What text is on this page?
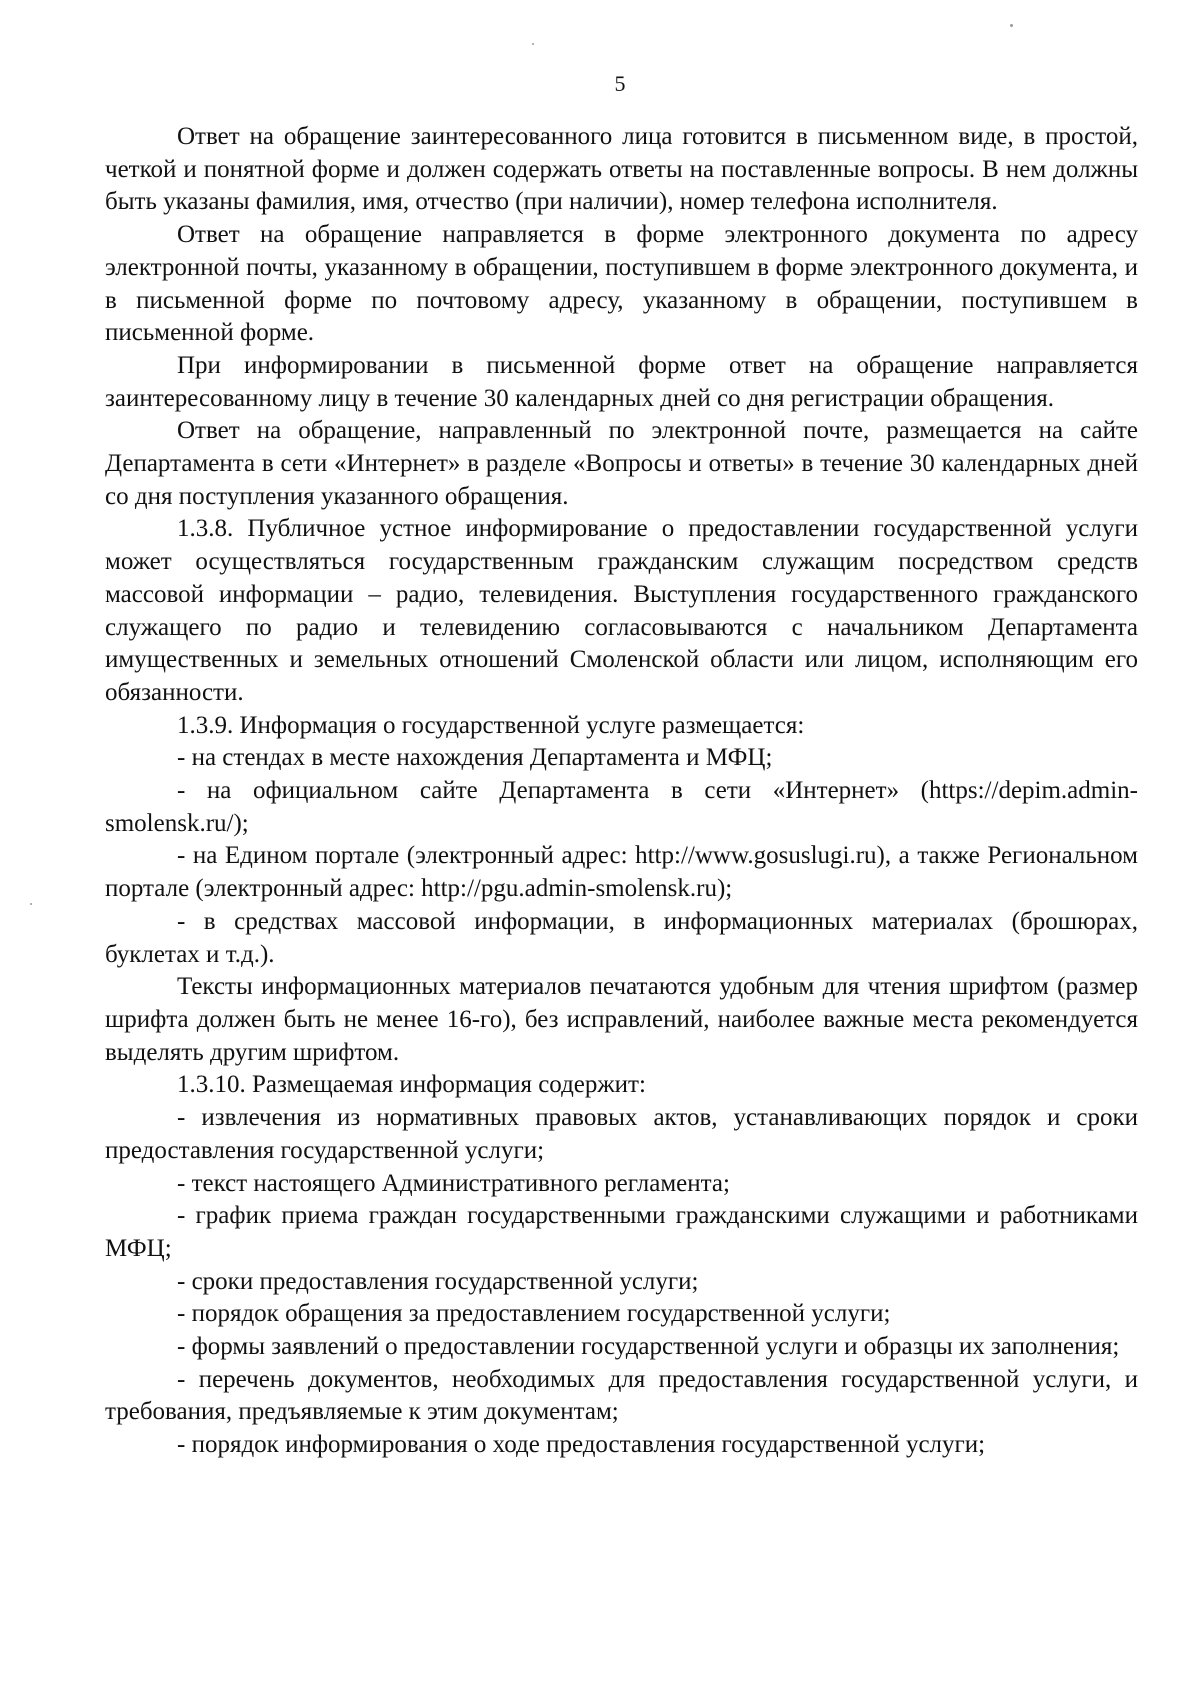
5

Ответ на обращение заинтересованного лица готовится в письменном виде, в простой, четкой и понятной форме и должен содержать ответы на поставленные вопросы. В нем должны быть указаны фамилия, имя, отчество (при наличии), номер телефона исполнителя.

Ответ на обращение направляется в форме электронного документа по адресу электронной почты, указанному в обращении, поступившем в форме электронного документа, и в письменной форме по почтовому адресу, указанному в обращении, поступившем в письменной форме.

При информировании в письменной форме ответ на обращение направляется заинтересованному лицу в течение 30 календарных дней со дня регистрации обращения.

Ответ на обращение, направленный по электронной почте, размещается на сайте Департамента в сети «Интернет» в разделе «Вопросы и ответы» в течение 30 календарных дней со дня поступления указанного обращения.

1.3.8. Публичное устное информирование о предоставлении государственной услуги может осуществляться государственным гражданским служащим посредством средств массовой информации – радио, телевидения. Выступления государственного гражданского служащего по радио и телевидению согласовываются с начальником Департамента имущественных и земельных отношений Смоленской области или лицом, исполняющим его обязанности.

1.3.9. Информация о государственной услуге размещается:

- на стендах в месте нахождения Департамента и МФЦ;

- на официальном сайте Департамента в сети «Интернет» (https://depim.admin-smolensk.ru/);

- на Едином портале (электронный адрес: http://www.gosuslugi.ru), а также Региональном портале (электронный адрес: http://pgu.admin-smolensk.ru);

- в средствах массовой информации, в информационных материалах (брошюрах, буклетах и т.д.).

Тексты информационных материалов печатаются удобным для чтения шрифтом (размер шрифта должен быть не менее 16-го), без исправлений, наиболее важные места рекомендуется выделять другим шрифтом.

1.3.10. Размещаемая информация содержит:

- извлечения из нормативных правовых актов, устанавливающих порядок и сроки предоставления государственной услуги;

- текст настоящего Административного регламента;

- график приема граждан государственными гражданскими служащими и работниками МФЦ;

- сроки предоставления государственной услуги;

- порядок обращения за предоставлением государственной услуги;

- формы заявлений о предоставлении государственной услуги и образцы их заполнения;

- перечень документов, необходимых для предоставления государственной услуги, и требования, предъявляемые к этим документам;

- порядок информирования о ходе предоставления государственной услуги;
